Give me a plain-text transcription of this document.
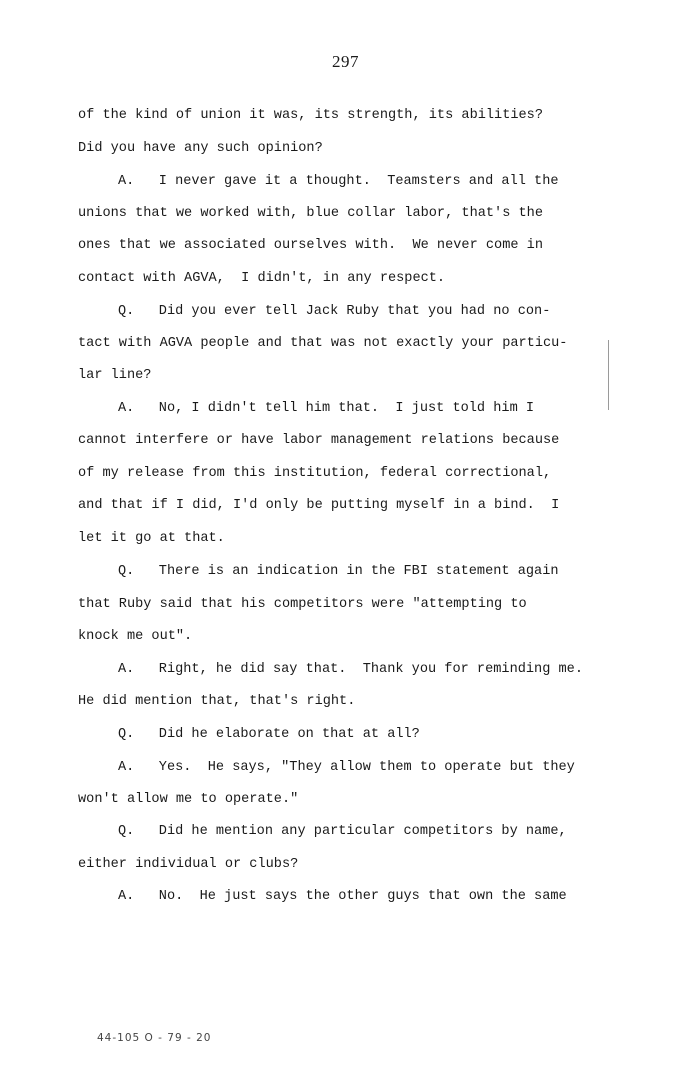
297
of the kind of union it was, its strength, its abilities?
Did you have any such opinion?
A.   I never gave it a thought.  Teamsters and all the
unions that we worked with, blue collar labor, that's the
ones that we associated ourselves with.  We never come in
contact with AGVA,  I didn't, in any respect.
Q.   Did you ever tell Jack Ruby that you had no con-
tact with AGVA people and that was not exactly your particu-
lar line?
A.   No, I didn't tell him that.  I just told him I
cannot interfere or have labor management relations because
of my release from this institution, federal correctional,
and that if I did, I'd only be putting myself in a bind.  I
let it go at that.
Q.   There is an indication in the FBI statement again
that Ruby said that his competitors were "attempting to
knock me out".
A.   Right, he did say that.  Thank you for reminding me.
He did mention that, that's right.
Q.   Did he elaborate on that at all?
A.   Yes.  He says, "They allow them to operate but they
won't allow me to operate."
Q.   Did he mention any particular competitors by name,
either individual or clubs?
A.   No.  He just says the other guys that own the same
44-105 O - 79 - 20
